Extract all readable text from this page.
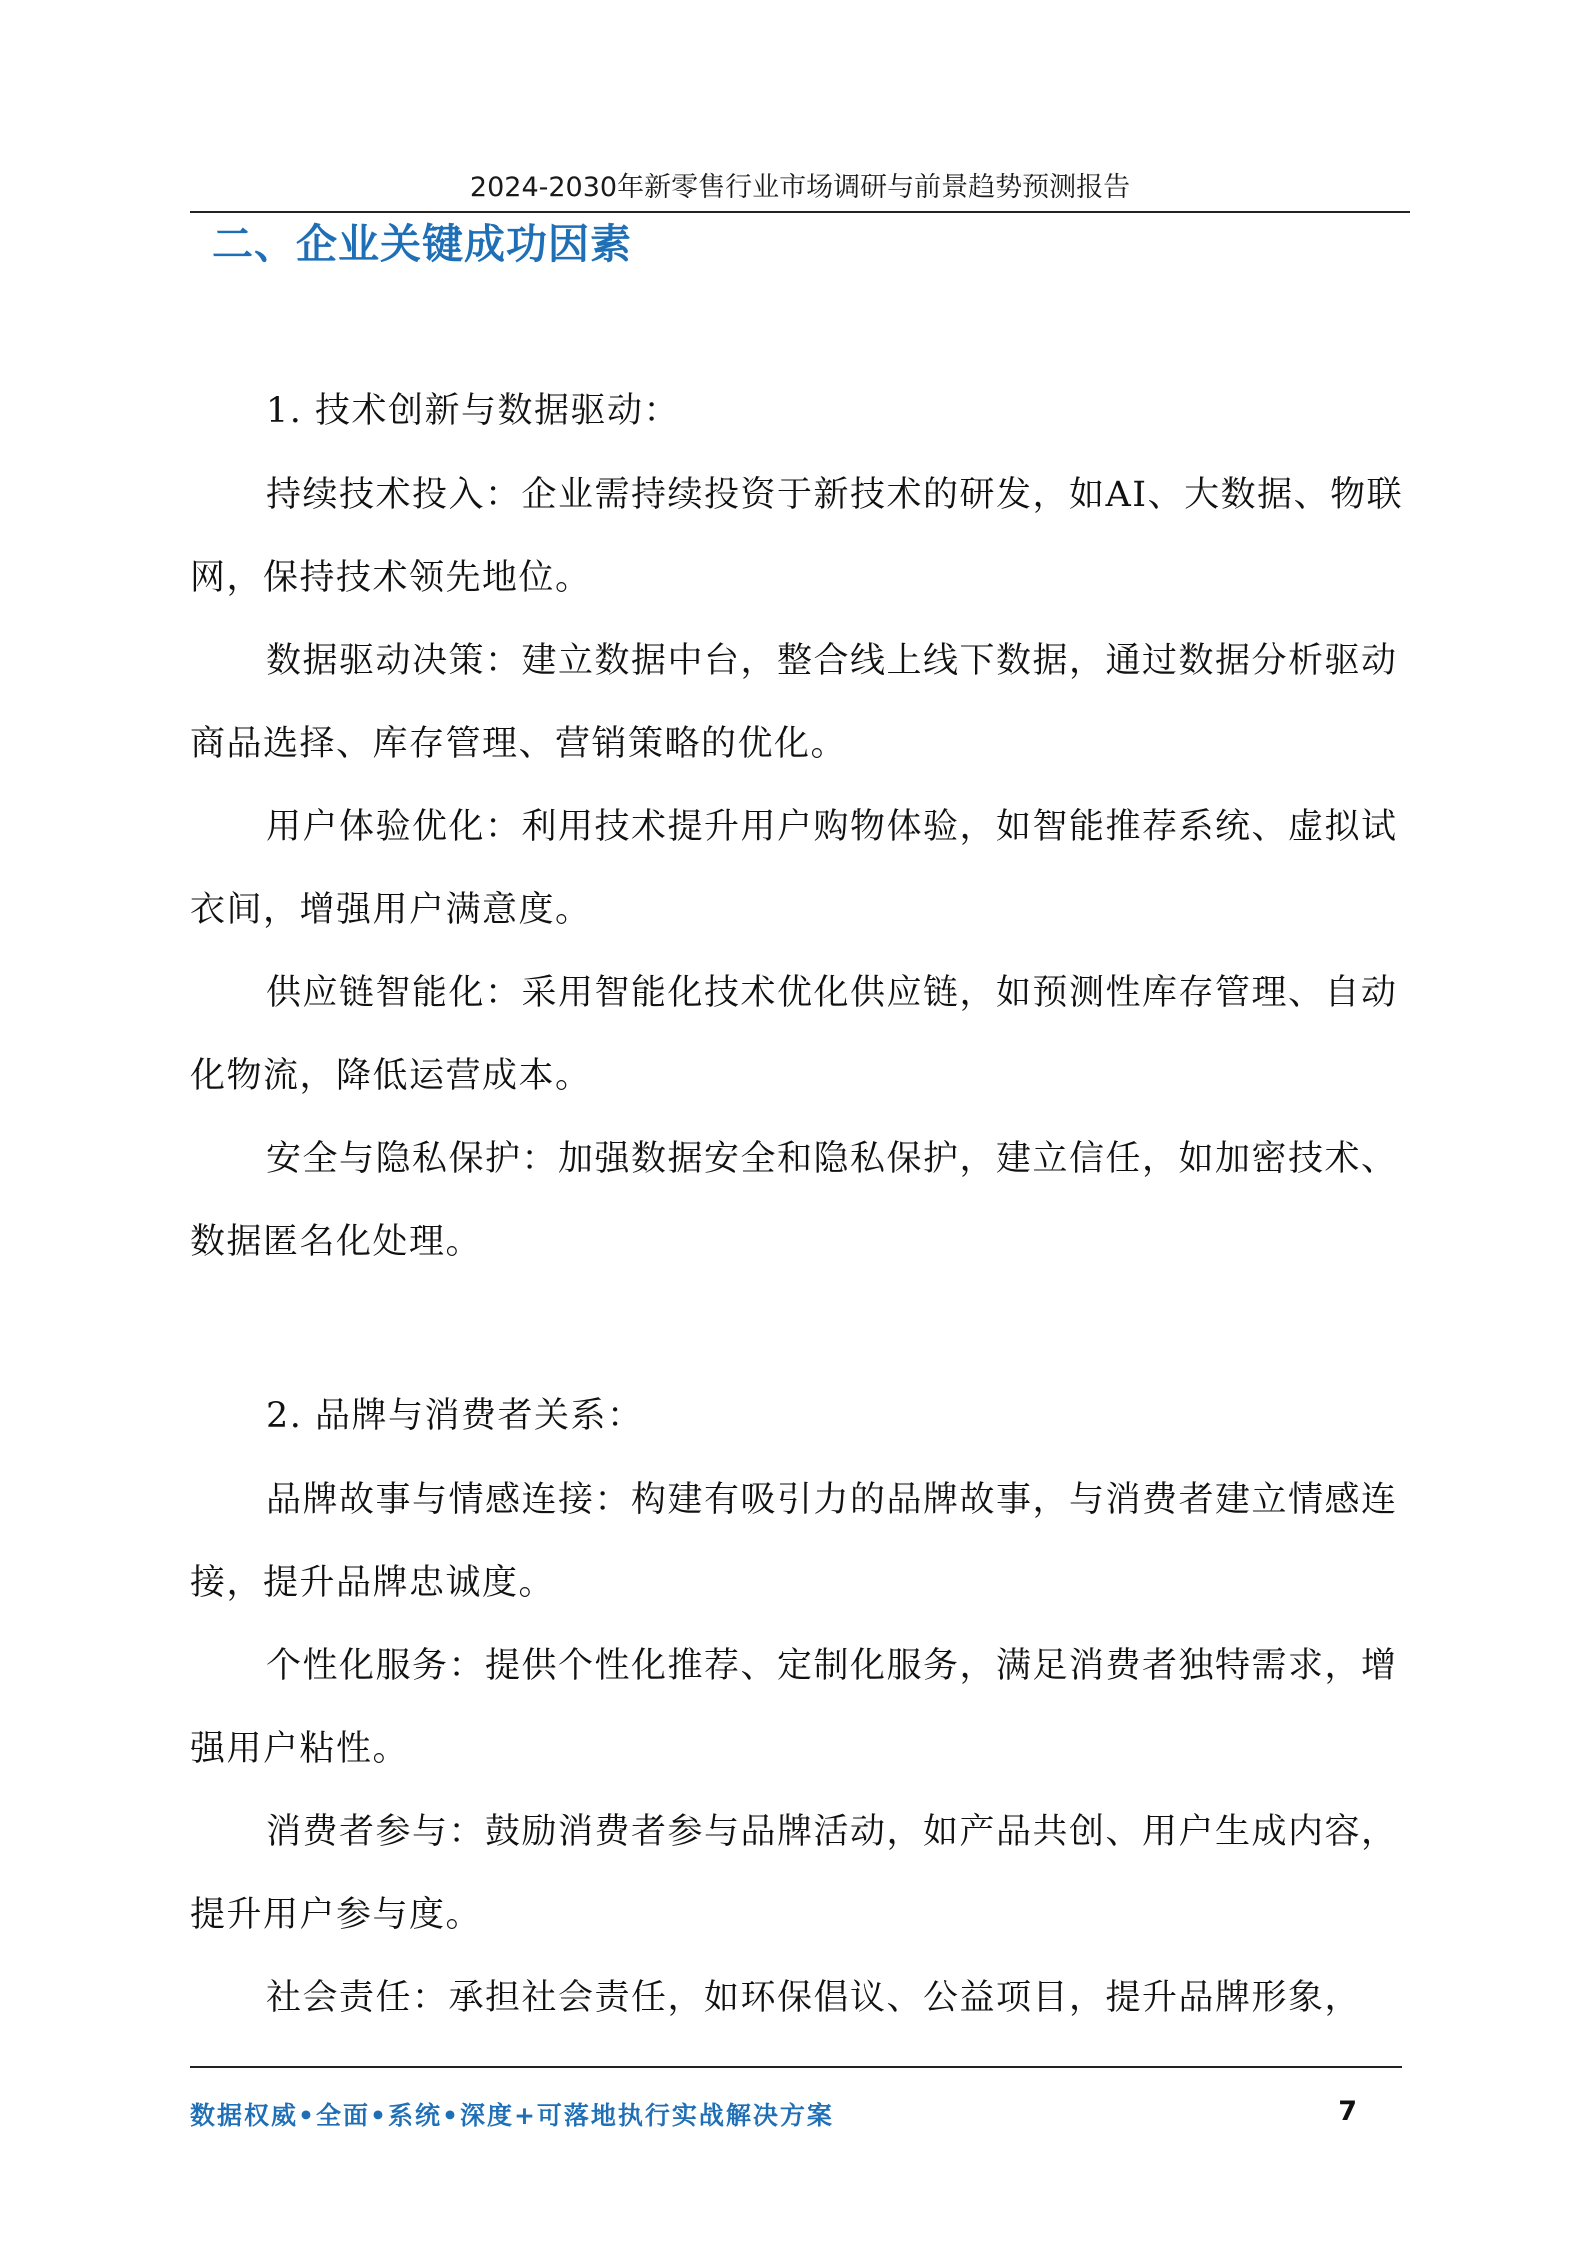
2024-2030年新零售行业市场调研与前景趋势预测报告
二、企业关键成功因素

1. 技术创新与数据驱动：

持续技术投入：企业需持续投资于新技术的研发，如AI、大数据、物联网，保持技术领先地位。

数据驱动决策：建立数据中台，整合线上线下数据，通过数据分析驱动商品选择、库存管理、营销策略的优化。

用户体验优化：利用技术提升用户购物体验，如智能推荐系统、虚拟试衣间，增强用户满意度。

供应链智能化：采用智能化技术优化供应链，如预测性库存管理、自动化物流，降低运营成本。

安全与隐私保护：加强数据安全和隐私保护，建立信任，如加密技术、数据匿名化处理。

2. 品牌与消费者关系：

品牌故事与情感连接：构建有吸引力的品牌故事，与消费者建立情感连接，提升品牌忠诚度。

个性化服务：提供个性化推荐、定制化服务，满足消费者独特需求，增强用户粘性。

消费者参与：鼓励消费者参与品牌活动，如产品共创、用户生成内容，提升用户参与度。

社会责任：承担社会责任，如环保倡议、公益项目，提升品牌形象，

数据权威•全面•系统•深度+可落地执行实战解决方案	7
